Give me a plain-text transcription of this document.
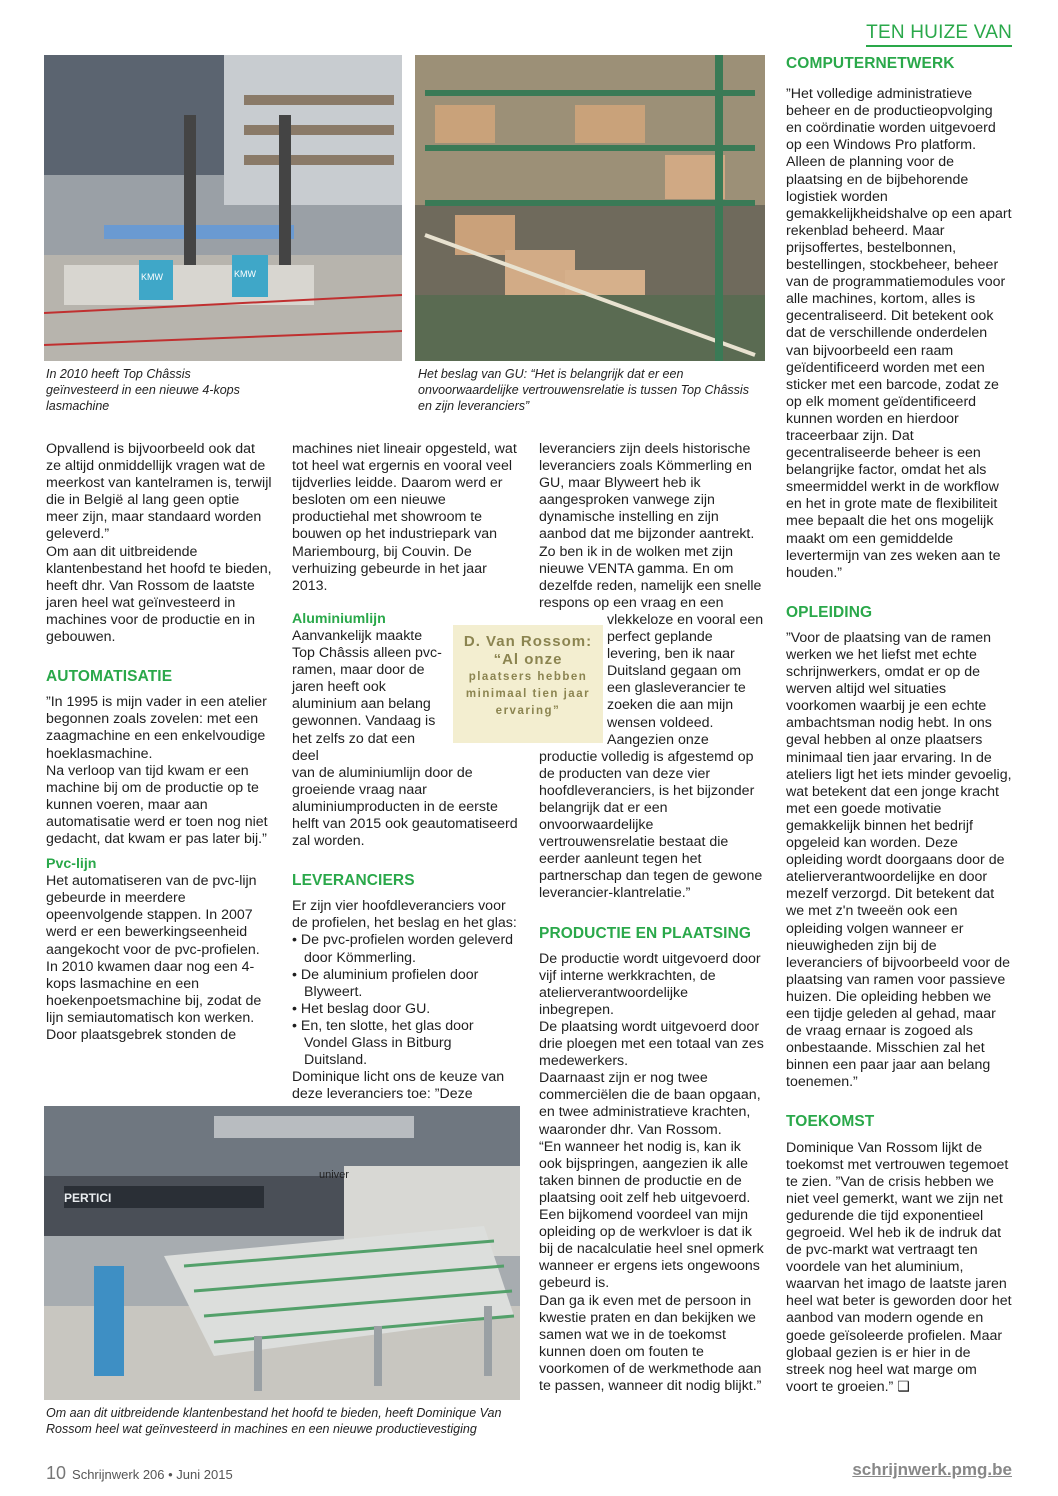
TEN HUIZE VAN
KMW	KMW
In 2010 heeft Top Châssis geïnvesteerd in een nieuwe 4-kops lasmachine
Het beslag van GU: “Het is belangrijk dat er een onvoorwaardelijke vertrouwensrelatie is tussen Top Châssis en zijn leveranciers”

Opvallend is bijvoorbeeld ook dat ze altijd onmiddellijk vragen wat de meerkost van kantelramen is, terwijl die in België al lang geen optie meer zijn, maar standaard worden geleverd.”

Om aan dit uitbreidende klantenbestand het hoofd te bieden, heeft dhr. Van Rossom de laatste jaren heel wat geïnvesteerd in machines voor de productie en in gebouwen.

AUTOMATISATIE

”In 1995 is mijn vader in een atelier begonnen zoals zovelen: met een zaagmachine en een enkelvoudige hoeklasmachine.

Na verloop van tijd kwam er een machine bij om de productie op te kunnen voeren, maar aan automatisatie werd er toen nog niet gedacht, dat kwam er pas later bij.”

Pvc-lijn

Het automatiseren van de pvc-lijn gebeurde in meerdere opeenvolgende stappen. In 2007 werd er een bewerkingseenheid aangekocht voor de pvc-profielen. In 2010 kwamen daar nog een 4-kops lasmachine en een hoekenpoetsmachine bij, zodat de lijn semiautomatisch kon werken. Door plaatsgebrek stonden de

machines niet lineair opgesteld, wat tot heel wat ergernis en vooral veel tijdverlies leidde. Daarom werd er besloten om een nieuwe productiehal met showroom te bouwen op het industriepark van Mariembourg, bij Couvin. De verhuizing gebeurde in het jaar 2013.

Aluminiumlijn

Aanvankelijk maakte Top Châssis alleen pvc-ramen, maar door de jaren heeft ook aluminium aan belang gewonnen. Vandaag is het zelfs zo dat een deel

van de aluminiumlijn door de groeiende vraag naar aluminiumproducten in de eerste helft van 2015 ook geautomatiseerd zal worden.

LEVERANCIERS

Er zijn vier hoofdleveranciers voor de profielen, het beslag en het glas:

• De pvc-profielen worden geleverd door Kömmerling.

• De aluminium profielen door Blyweert.

• Het beslag door GU.

• En, ten slotte, het glas door Vondel Glass in Bitburg Duitsland.

Dominique licht ons de keuze van deze leveranciers toe: ”Deze

D. Van Rossom:
“Al onze
plaatsers hebben
minimaal tien jaar
ervaring”

leveranciers zijn deels historische leveranciers zoals Kömmerling en GU, maar Blyweert heb ik aangesproken vanwege zijn dynamische instelling en zijn aanbod dat me bijzonder aantrekt. Zo ben ik in de wolken met zijn nieuwe VENTA gamma. En om dezelfde reden, namelijk een snelle respons op een vraag en een

vlekkeloze en vooral een perfect geplande levering, ben ik naar Duitsland gegaan om een glasleverancier te zoeken die aan mijn wensen voldeed.

Aangezien onze productie volledig is afgestemd op de producten van deze vier hoofdleveranciers, is het bijzonder belangrijk dat er een onvoorwaardelijke vertrouwensrelatie bestaat die eerder aanleunt tegen het partnerschap dan tegen de gewone leverancier-klantrelatie.”

PRODUCTIE EN PLAATSING

De productie wordt uitgevoerd door vijf interne werkkrachten, de atelierverantwoordelijke inbegrepen.

De plaatsing wordt uitgevoerd door drie ploegen met een totaal van zes medewerkers.

Daarnaast zijn er nog twee commerciëlen die de baan opgaan, en twee administratieve krachten, waaronder dhr. Van Rossom.

“En wanneer het nodig is, kan ik ook bijspringen, aangezien ik alle taken binnen de productie en de plaatsing ooit zelf heb uitgevoerd. Een bijkomend voordeel van mijn opleiding op de werkvloer is dat ik bij de nacalculatie heel snel opmerk wanneer er ergens iets ongewoons gebeurd is.

Dan ga ik even met de persoon in kwestie praten en dan bekijken we samen wat we in de toekomst kunnen doen om fouten te voorkomen of de werkmethode aan te passen, wanneer dit nodig blijkt.”

COMPUTERNETWERK

”Het volledige administratieve beheer en de productieopvolging en coördinatie worden uitgevoerd op een Windows Pro platform. Alleen de planning voor de plaatsing en de bijbehorende logistiek worden gemakkelijkheidshalve op een apart rekenblad beheerd. Maar prijsoffertes, bestelbonnen, bestellingen, stockbeheer, beheer van de programmatiemodules voor alle machines, kortom, alles is gecentraliseerd. Dit betekent ook dat de verschillende onderdelen van bijvoorbeeld een raam geïdentificeerd worden met een sticker met een barcode, zodat ze op elk moment geïdentificeerd kunnen worden en hierdoor traceerbaar zijn. Dat gecentraliseerde beheer is een belangrijke factor, omdat het als smeermiddel werkt in de workflow en het in grote mate de flexibiliteit mee bepaalt die het ons mogelijk maakt om een gemiddelde levertermijn van zes weken aan te houden.”

OPLEIDING

”Voor de plaatsing van de ramen werken we het liefst met echte schrijnwerkers, omdat er op de werven altijd wel situaties voorkomen waarbij je een echte ambachtsman nodig hebt. In ons geval hebben al onze plaatsers minimaal tien jaar ervaring. In de ateliers ligt het iets minder gevoelig, wat betekent dat een jonge kracht met een goede motivatie gemakkelijk binnen het bedrijf opgeleid kan worden. Deze opleiding wordt doorgaans door de atelierverantwoordelijke en door mezelf verzorgd. Dit betekent dat we met z'n tweeën ook een opleiding volgen wanneer er nieuwigheden zijn bij de leveranciers of bijvoorbeeld voor de plaatsing van ramen voor passieve huizen. Die opleiding hebben we een tijdje geleden al gehad, maar de vraag ernaar is zogoed als onbestaande. Misschien zal het binnen een paar jaar aan belang toenemen.”

TOEKOMST

Dominique Van Rossom lijkt de toekomst met vertrouwen tegemoet te zien. ”Van de crisis hebben we niet veel gemerkt, want we zijn net gedurende die tijd exponentieel gegroeid. Wel heb ik de indruk dat de pvc-markt wat vertraagt ten voordele van het aluminium, waarvan het imago de laatste jaren heel wat beter is geworden door het aanbod van modern ogende en goede geïsoleerde profielen. Maar globaal gezien is er hier in de streek nog heel wat marge om voort te groeien.” ❑

PERTICI
univer
Om aan dit uitbreidende klantenbestand het hoofd te bieden, heeft Dominique Van Rossom heel wat geïnvesteerd in machines en een nieuwe productievestiging
10 Schrijnwerk 206 • Juni 2015	schrijnwerk.pmg.be
